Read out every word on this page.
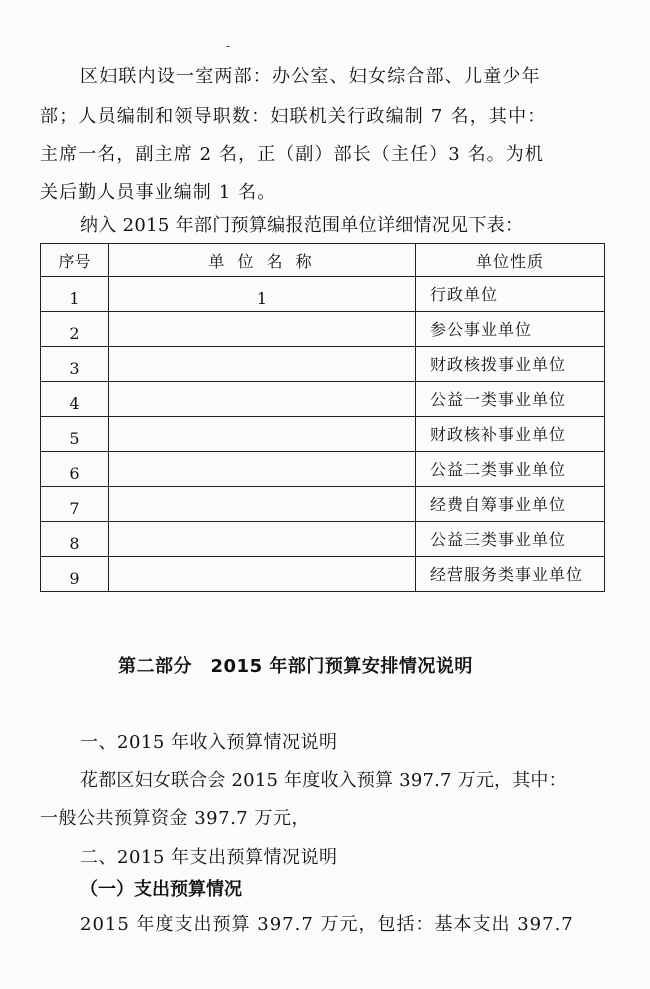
-
区妇联内设一室两部：办公室、妇女综合部、儿童少年
部；人员编制和领导职数：妇联机关行政编制 7 名，其中：
主席一名，副主席 2 名，正（副）部长（主任）3 名。为机
关后勤人员事业编制 1 名。
纳入 2015 年部门预算编报范围单位详细情况见下表：
序号	单 位 名 称	单位性质

1	1	行政单位

2		参公事业单位

3		财政核拨事业单位

4		公益一类事业单位

5		财政核补事业单位

6		公益二类事业单位

7		经费自筹事业单位

8		公益三类事业单位

9		经营服务类事业单位
第二部分　2015 年部门预算安排情况说明
一、2015 年收入预算情况说明
花都区妇女联合会 2015 年度收入预算 397.7 万元，其中：
一般公共预算资金 397.7 万元，
二、2015 年支出预算情况说明
（一）支出预算情况
2015 年度支出预算 397.7 万元，包括：基本支出 397.7
